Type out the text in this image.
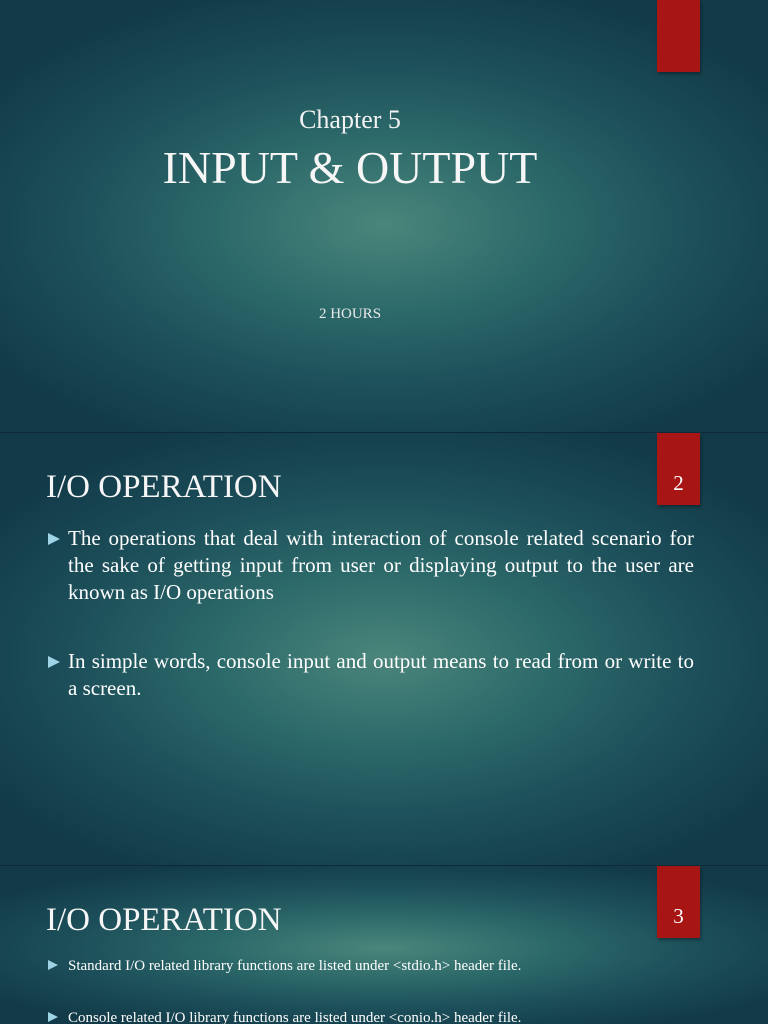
Chapter 5
INPUT & OUTPUT
2 HOURS
2
I/O OPERATION
The operations that deal with interaction of console related scenario for the sake of getting input from user or displaying output to the user are known as I/O operations
In simple words, console input and output means to read from or write to a screen.
3
I/O OPERATION
Standard I/O related library functions are listed under <stdio.h> header file.
Console related I/O library functions are listed under <conio.h> header file.
